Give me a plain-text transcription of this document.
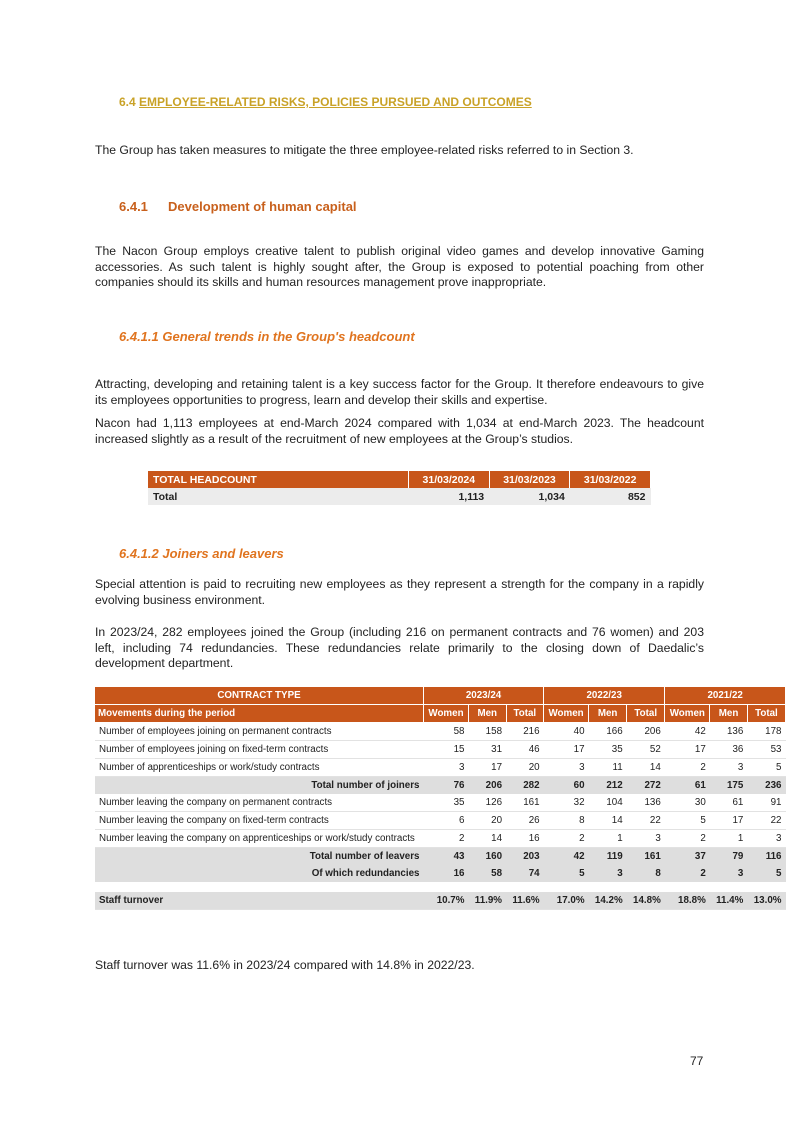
6.4 EMPLOYEE-RELATED RISKS, POLICIES PURSUED AND OUTCOMES
The Group has taken measures to mitigate the three employee-related risks referred to in Section 3.
6.4.1 Development of human capital
The Nacon Group employs creative talent to publish original video games and develop innovative Gaming accessories. As such talent is highly sought after, the Group is exposed to potential poaching from other companies should its skills and human resources management prove inappropriate.
6.4.1.1 General trends in the Group's headcount
Attracting, developing and retaining talent is a key success factor for the Group. It therefore endeavours to give its employees opportunities to progress, learn and develop their skills and expertise.
Nacon had 1,113 employees at end-March 2024 compared with 1,034 at end-March 2023. The headcount increased slightly as a result of the recruitment of new employees at the Group’s studios.
TOTAL HEADCOUNT	31/03/2024	31/03/2023	31/03/2022
Total	1,113	1,034	852
6.4.1.2 Joiners and leavers
Special attention is paid to recruiting new employees as they represent a strength for the company in a rapidly evolving business environment.
In 2023/24, 282 employees joined the Group (including 216 on permanent contracts and 76 women) and 203 left, including 74 redundancies. These redundancies relate primarily to the closing down of Daedalic’s development department.
CONTRACT TYPE	2023/24			2022/23			2021/22		
Movements during the period	Women	Men	Total	Women	Men	Total	Women	Men	Total
Number of employees joining on permanent contracts	58	158	216	40	166	206	42	136	178
Number of employees joining on fixed-term contracts	15	31	46	17	35	52	17	36	53
Number of apprenticeships or work/study contracts	3	17	20	3	11	14	2	3	5
Total number of joiners	76	206	282	60	212	272	61	175	236
Number leaving the company on permanent contracts	35	126	161	32	104	136	30	61	91
Number leaving the company on fixed-term contracts	6	20	26	8	14	22	5	17	22
Number leaving the company on apprenticeships or work/study contracts	2	14	16	2	1	3	2	1	3
Total number of leavers	43	160	203	42	119	161	37	79	116
Of which redundancies	16	58	74	5	3	8	2	3	5

Staff turnover	10.7%	11.9%	11.6%	17.0%	14.2%	14.8%	18.8%	11.4%	13.0%
Staff turnover was 11.6% in 2023/24 compared with 14.8% in 2022/23.
77
